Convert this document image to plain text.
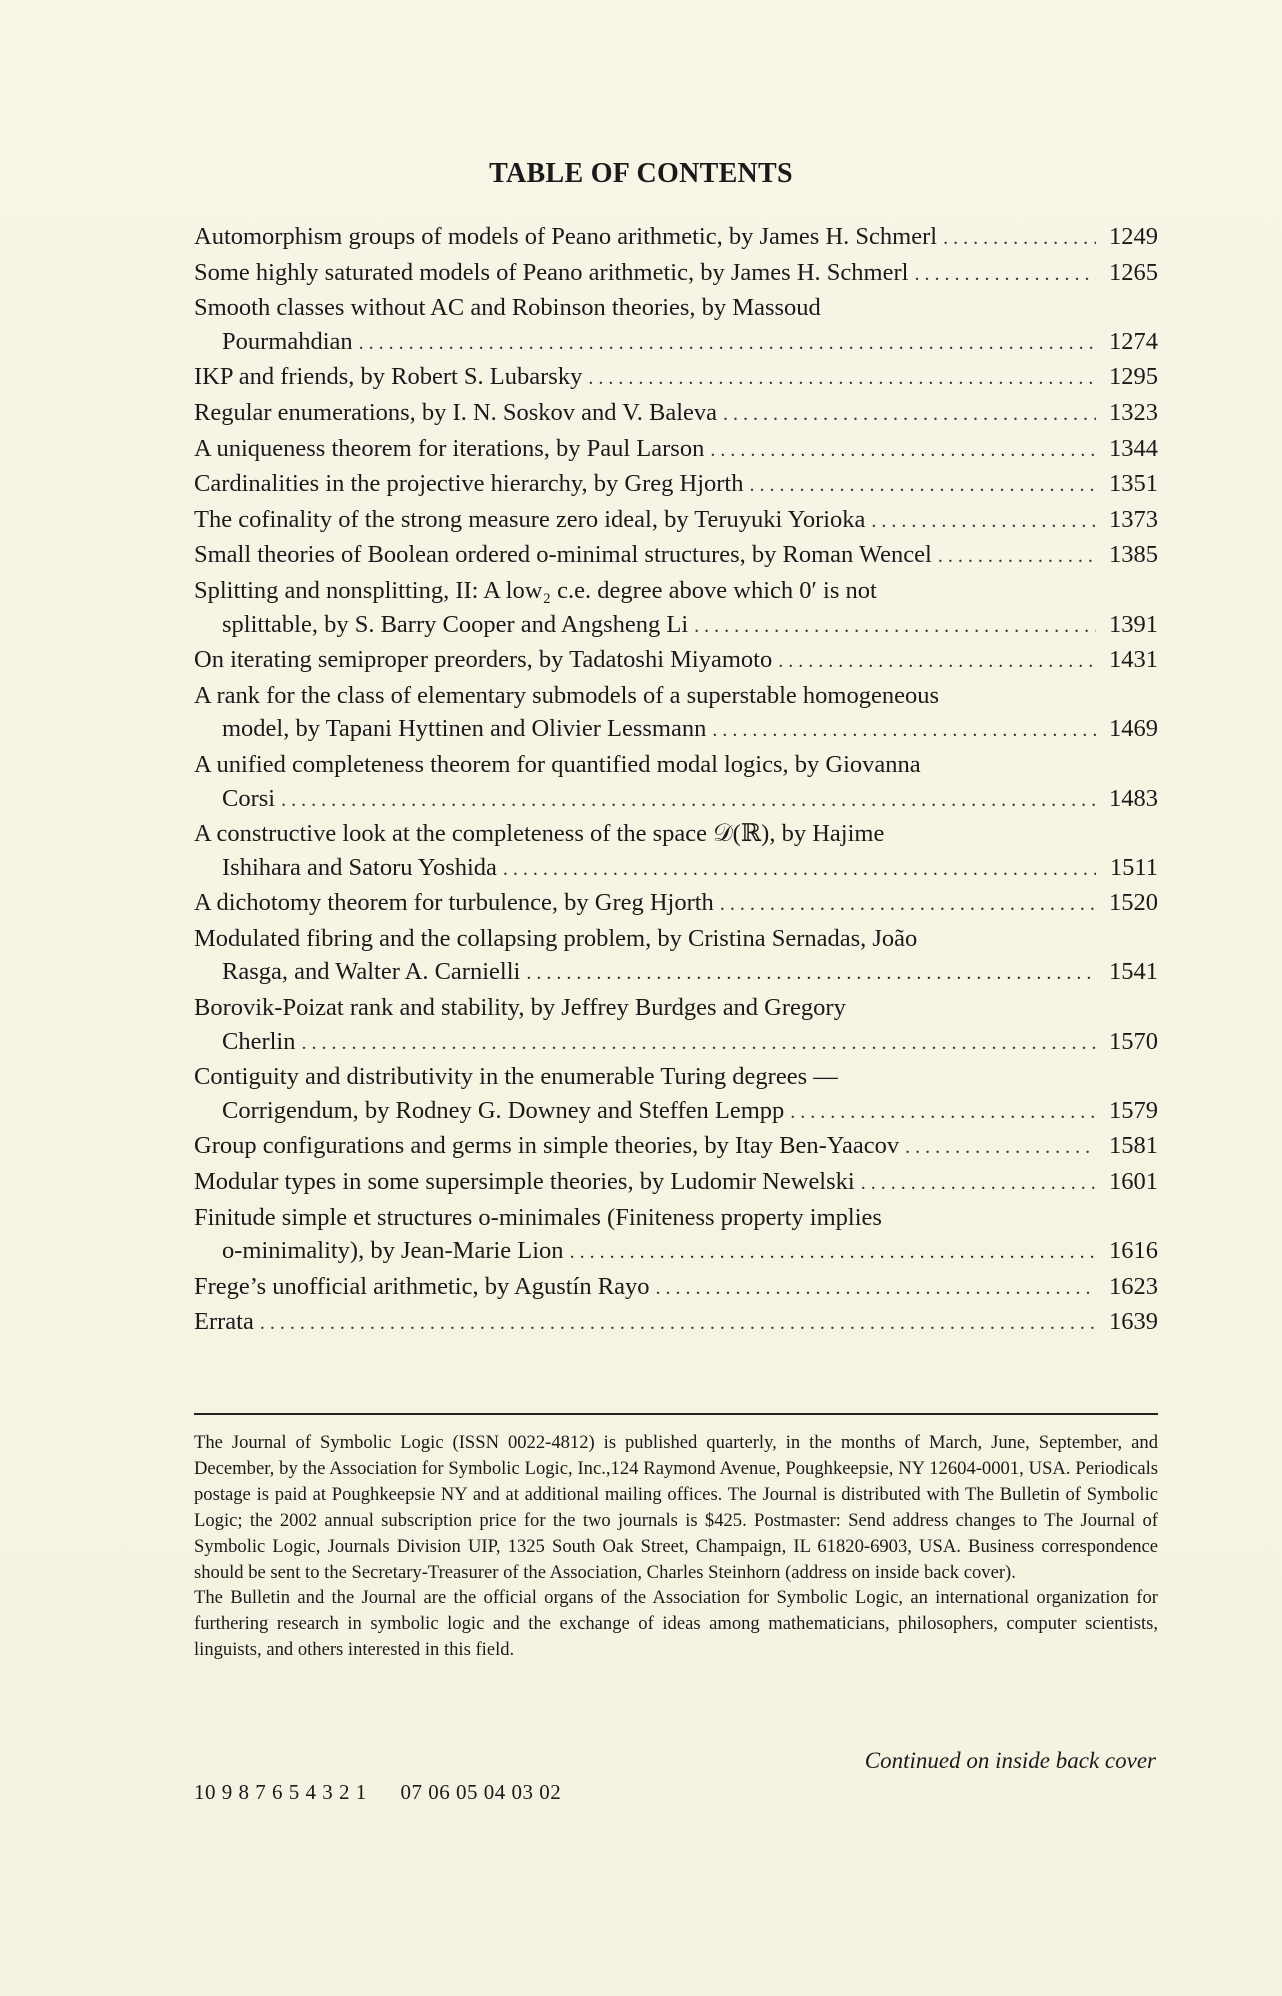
TABLE OF CONTENTS
Automorphism groups of models of Peano arithmetic, by James H. Schmerl . . .	1249
Some highly saturated models of Peano arithmetic, by James H. Schmerl . . .	1265
Smooth classes without AC and Robinson theories, by Massoud
Pourmahdian . . .	1274
IKP and friends, by Robert S. Lubarsky . . .	1295
Regular enumerations, by I. N. Soskov and V. Baleva . . .	1323
A uniqueness theorem for iterations, by Paul Larson . . .	1344
Cardinalities in the projective hierarchy, by Greg Hjorth . . .	1351
The cofinality of the strong measure zero ideal, by Teruyuki Yorioka . . .	1373
Small theories of Boolean ordered o-minimal structures, by Roman Wencel . . .	1385
Splitting and nonsplitting, II: A low₂ c.e. degree above which 0′ is not
splittable, by S. Barry Cooper and Angsheng Li . . .	1391
On iterating semiproper preorders, by Tadatoshi Miyamoto . . .	1431
A rank for the class of elementary submodels of a superstable homogeneous
model, by Tapani Hyttinen and Olivier Lessmann . . .	1469
A unified completeness theorem for quantified modal logics, by Giovanna
Corsi . . .	1483
A constructive look at the completeness of the space 𝒟(ℝ), by Hajime
Ishihara and Satoru Yoshida . . .	1511
A dichotomy theorem for turbulence, by Greg Hjorth . . .	1520
Modulated fibring and the collapsing problem, by Cristina Sernadas, João
Rasga, and Walter A. Carnielli . . .	1541
Borovik-Poizat rank and stability, by Jeffrey Burdges and Gregory
Cherlin . . .	1570
Contiguity and distributivity in the enumerable Turing degrees —
Corrigendum, by Rodney G. Downey and Steffen Lempp . . .	1579
Group configurations and germs in simple theories, by Itay Ben-Yaacov . . .	1581
Modular types in some supersimple theories, by Ludomir Newelski . . .	1601
Finitude simple et structures o-minimales (Finiteness property implies
o-minimality), by Jean-Marie Lion . . .	1616
Frege’s unofficial arithmetic, by Agustín Rayo . . .	1623
Errata . . .	1639

The Journal of Symbolic Logic (ISSN 0022-4812) is published quarterly, in the months of March, June, September, and December, by the Association for Symbolic Logic, Inc.,124 Raymond Avenue, Poughkeepsie, NY 12604-0001, USA. Periodicals postage is paid at Poughkeepsie NY and at additional mailing offices. The Journal is distributed with The Bulletin of Symbolic Logic; the 2002 annual subscription price for the two journals is $425. Postmaster: Send address changes to The Journal of Symbolic Logic, Journals Division UIP, 1325 South Oak Street, Champaign, IL 61820-6903, USA. Business correspondence should be sent to the Secretary-Treasurer of the Association, Charles Steinhorn (address on inside back cover).

The Bulletin and the Journal are the official organs of the Association for Symbolic Logic, an international organization for furthering research in symbolic logic and the exchange of ideas among mathematicians, philosophers, computer scientists, linguists, and others interested in this field.

Continued on inside back cover
10 9 8 7 6 5 4 3 2 1 07 06 05 04 03 02
